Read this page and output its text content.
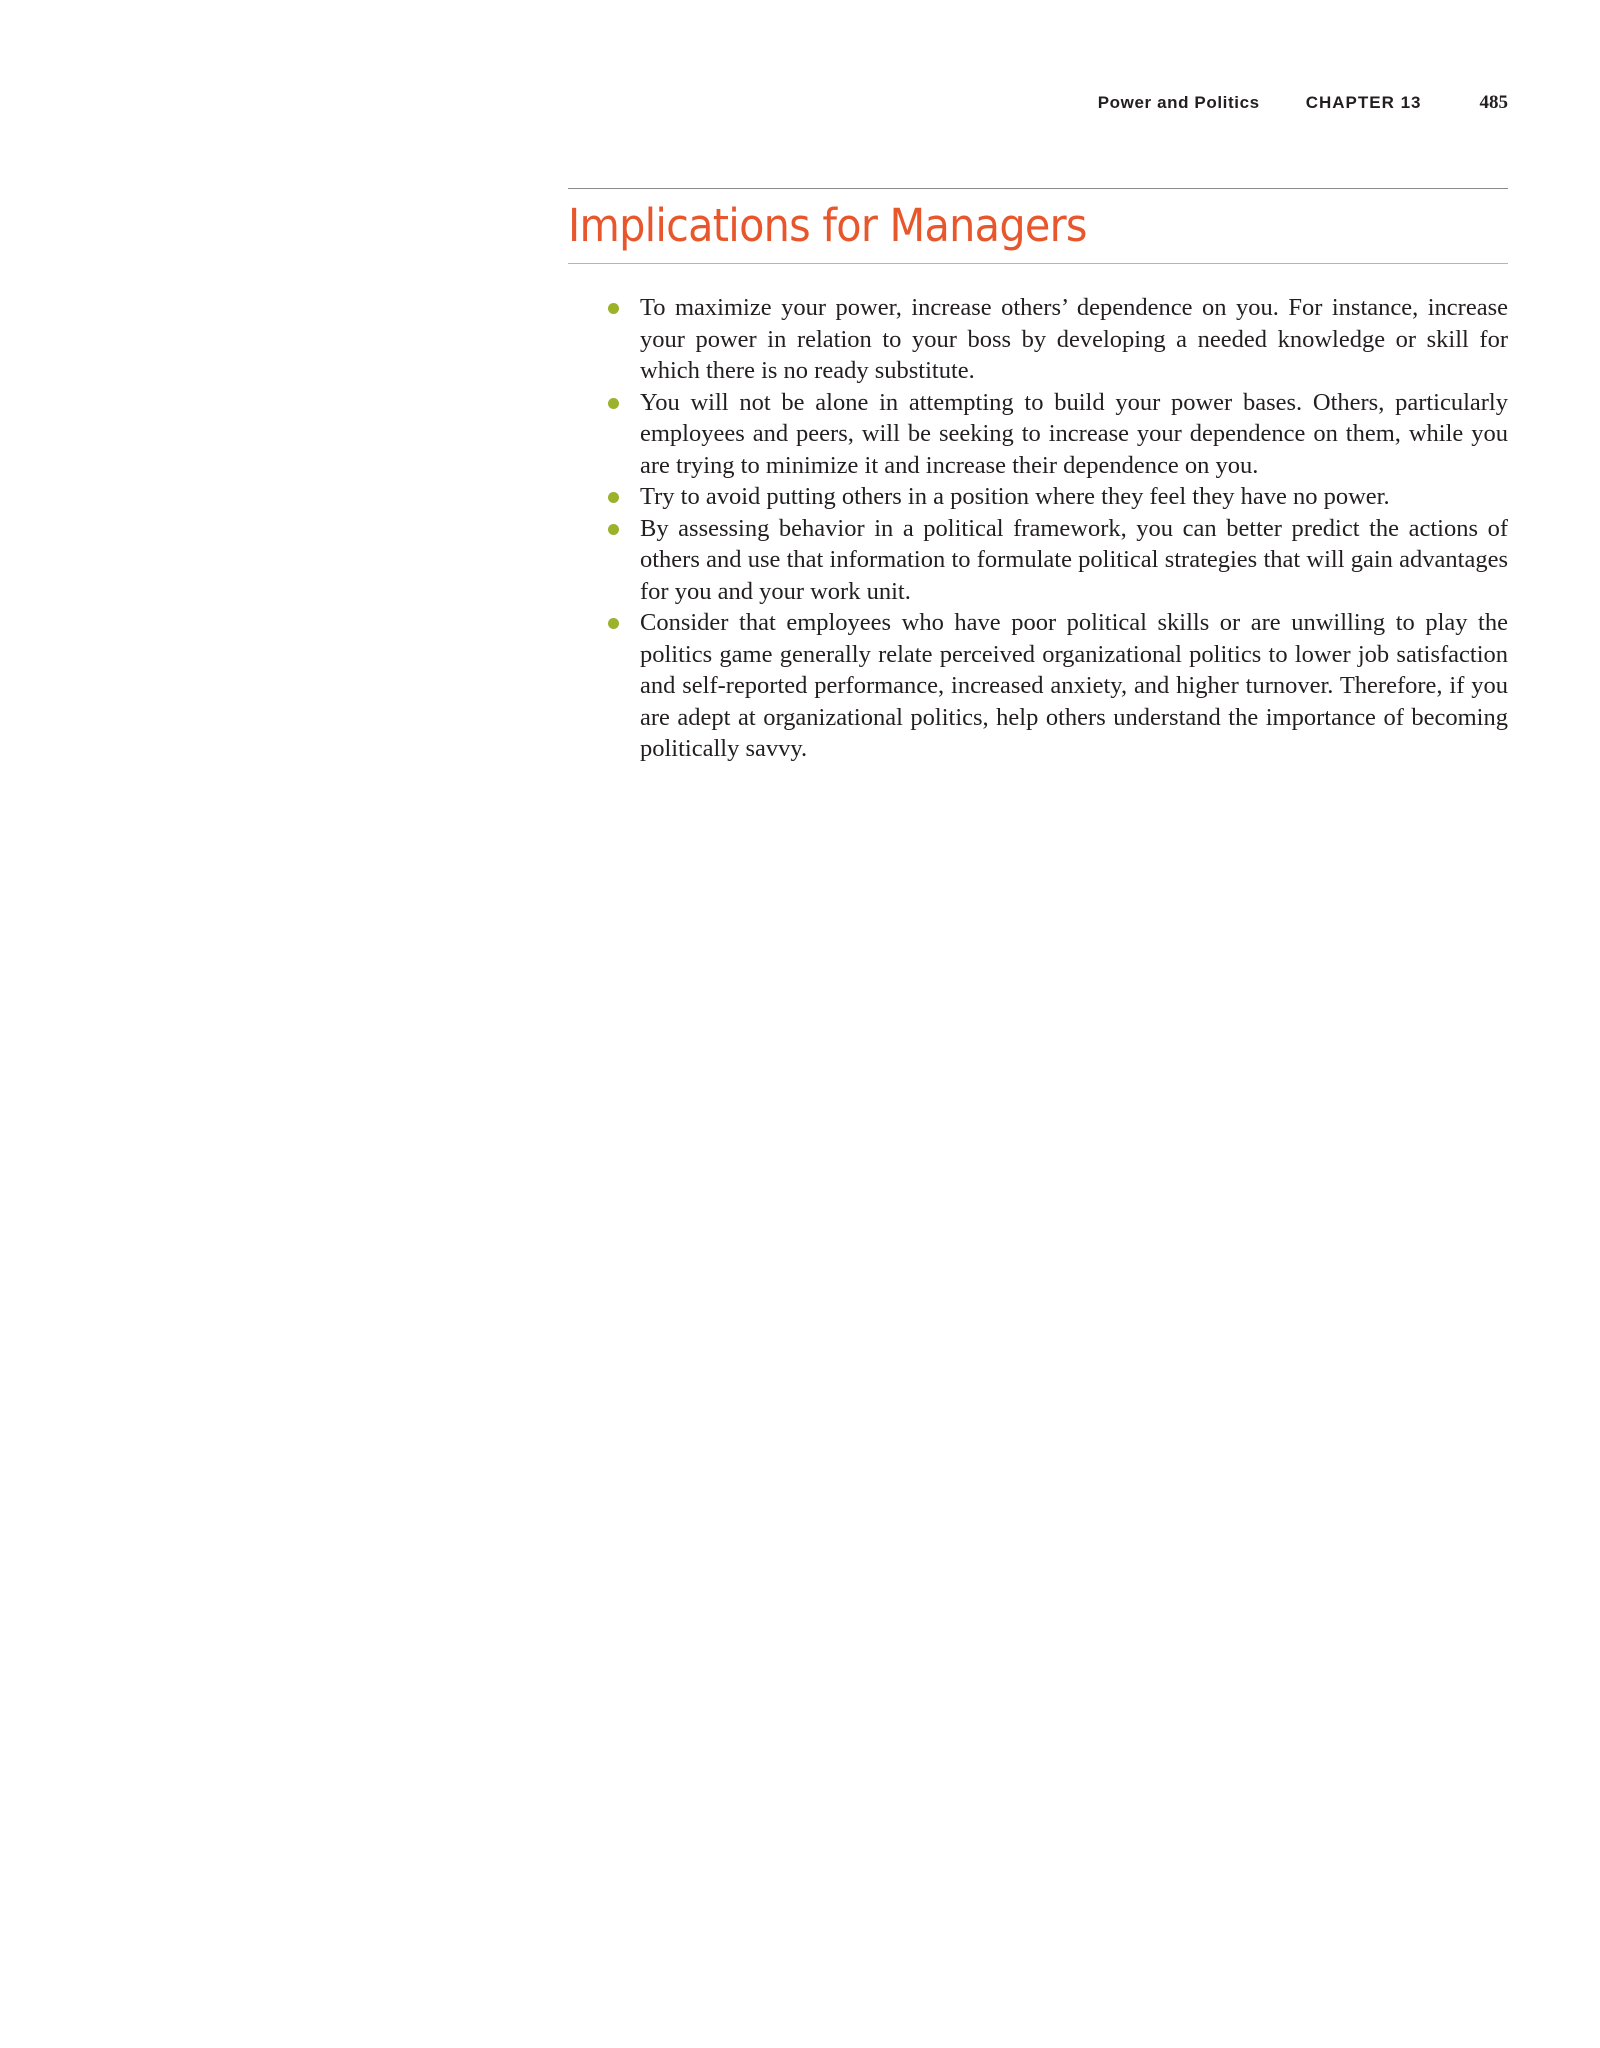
Power and Politics	CHAPTER 13	485
Implications for Managers
To maximize your power, increase others’ dependence on you. For instance, increase your power in relation to your boss by developing a needed knowledge or skill for which there is no ready substitute.
You will not be alone in attempting to build your power bases. Others, particularly employees and peers, will be seeking to increase your dependence on them, while you are trying to minimize it and increase their dependence on you.
Try to avoid putting others in a position where they feel they have no power.
By assessing behavior in a political framework, you can better predict the actions of others and use that information to formulate political strategies that will gain advantages for you and your work unit.
Consider that employees who have poor political skills or are unwilling to play the politics game generally relate perceived organizational politics to lower job satisfaction and self-reported performance, increased anxiety, and higher turnover. Therefore, if you are adept at organizational politics, help others understand the importance of becoming politically savvy.
